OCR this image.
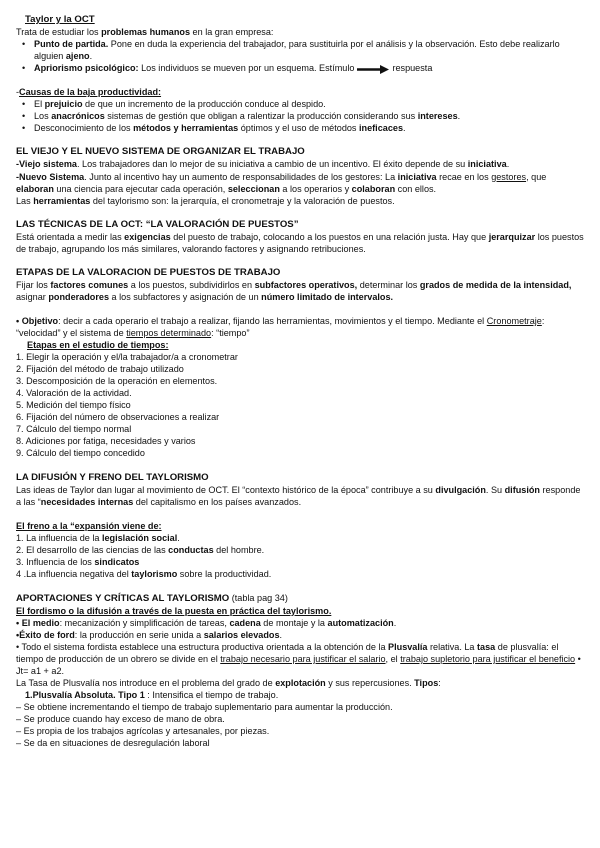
Taylor y la OCT

Trata de estudiar los problemas humanos en la gran empresa:

• Punto de partida. Pone en duda la experiencia del trabajador, para sustituirla por el análisis y la observación. Esto debe realizarlo alguien ajeno.
• Apriorismo psicológico: Los individuos se mueven por un esquema. Estímulo	respuesta

-Causas de la baja productividad:

• El prejuicio de que un incremento de la producción conduce al despido.
• Los anacrónicos sistemas de gestión que obligan a ralentizar la producción considerando sus intereses.
• Desconocimiento de los métodos y herramientas óptimos y el uso de métodos ineficaces.

EL VIEJO Y EL NUEVO SISTEMA DE ORGANIZAR EL TRABAJO

-Viejo sistema. Los trabajadores dan lo mejor de su iniciativa a cambio de un incentivo. El éxito depende de su iniciativa.

-Nuevo Sistema. Junto al incentivo hay un aumento de responsabilidades de los gestores: La iniciativa recae en los gestores, que elaboran una ciencia para ejecutar cada operación, seleccionan a los operarios y colaboran con ellos.

Las herramientas del taylorismo son: la jerarquía, el cronometraje y la valoración de puestos.

LAS TÉCNICAS DE LA OCT: “LA VALORACIÓN DE PUESTOS”

Está orientada a medir las exigencias del puesto de trabajo, colocando a los puestos en una relación justa. Hay que jerarquizar los puestos de trabajo, agrupando los más similares, valorando factores y asignando retribuciones.

ETAPAS DE LA VALORACION DE PUESTOS DE TRABAJO

Fijar los factores comunes a los puestos, subdividirlos en subfactores operativos, determinar los grados de medida de la intensidad, asignar ponderadores a los subfactores y asignación de un número limitado de intervalos.

• Objetivo: decir a cada operario el trabajo a realizar, fijando las herramientas, movimientos y el tiempo. Mediante el Cronometraje: “velocidad” y el sistema de tiempos determinado: “tiempo”

Etapas en el estudio de tiempos:

1. Elegir la operación y el/la trabajador/a a cronometrar
2. Fijación del método de trabajo utilizado
3. Descomposición de la operación en elementos.
4. Valoración de la actividad.
5. Medición del tiempo físico
6. Fijación del número de observaciones a realizar
7. Cálculo del tiempo normal
8. Adiciones por fatiga, necesidades y varios
9. Cálculo del tiempo concedido

LA DIFUSIÓN Y FRENO DEL TAYLORISMO

Las ideas de Taylor dan lugar al movimiento de OCT. El “contexto histórico de la época” contribuye a su divulgación. Su difusión responde a las “necesidades internas del capitalismo en los países avanzados.

El freno a la “expansión viene de:

1. La influencia de la legislación social.
2. El desarrollo de las ciencias de las conductas del hombre.
3. Influencia de los sindicatos
4 .La influencia negativa del taylorismo sobre la productividad.

APORTACIONES Y CRÍTICAS AL TAYLORISMO (tabla pag 34)

El fordismo o la difusión a través de la puesta en práctica del taylorismo.

• El medio: mecanización y simplificación de tareas, cadena de montaje y la automatización.

•Éxito de ford: la producción en serie unida a salarios elevados.

• Todo el sistema fordista establece una estructura productiva orientada a la obtención de la Plusvalía relativa. La tasa de plusvalía: el tiempo de producción de un obrero se divide en el trabajo necesario para justificar el salario, el trabajo supletorio para justificar el beneficio • Jt= a1 + a2.

La Tasa de Plusvalía nos introduce en el problema del grado de explotación y sus repercusiones. Tipos:

1.Plusvalía Absoluta. Tipo 1 : Intensifica el tiempo de trabajo.

– Se obtiene incrementando el tiempo de trabajo suplementario para aumentar la producción.

– Se produce cuando hay exceso de mano de obra.

– Es propia de los trabajos agrícolas y artesanales, por piezas.

– Se da en situaciones de desregulación laboral
